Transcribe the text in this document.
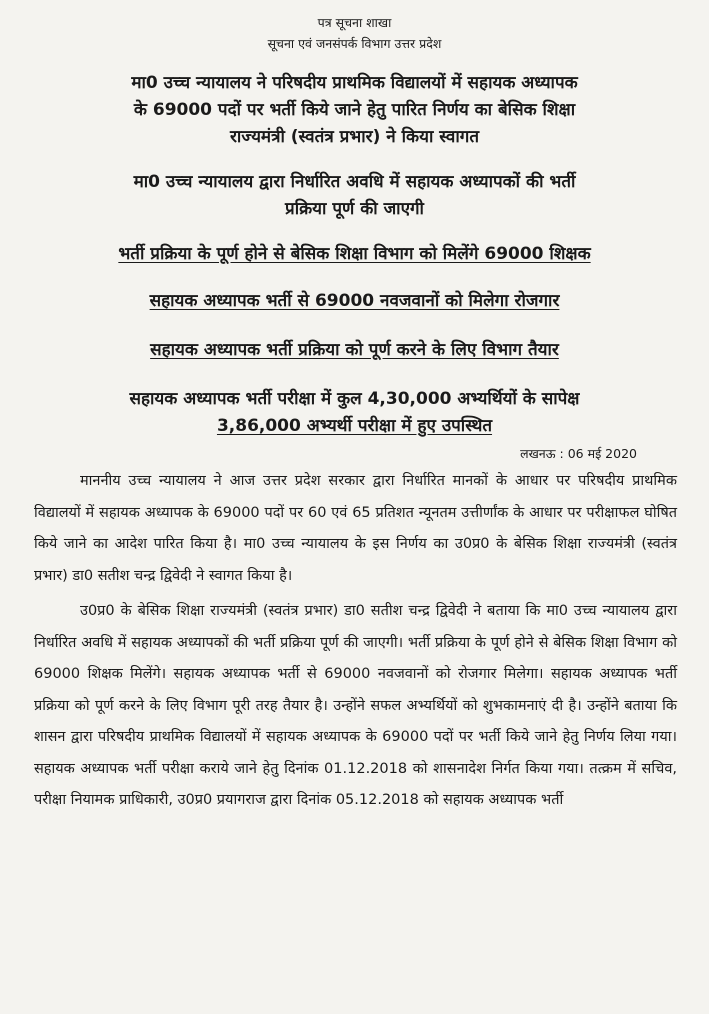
पत्र सूचना शाखा
सूचना एवं जनसंपर्क विभाग उत्तर प्रदेश
मा0 उच्च न्यायालय ने परिषदीय प्राथमिक विद्यालयों में सहायक अध्यापक
के 69000 पदों पर भर्ती किये जाने हेतु पारित निर्णय का बेसिक शिक्षा
राज्यमंत्री (स्वतंत्र प्रभार) ने किया स्वागत
मा0 उच्च न्यायालय द्वारा निर्धारित अवधि में सहायक अध्यापकों की भर्ती
प्रक्रिया पूर्ण की जाएगी
भर्ती प्रक्रिया के पूर्ण होने से बेसिक शिक्षा विभाग को मिलेंगे 69000 शिक्षक
सहायक अध्यापक भर्ती से 69000 नवजवानों को मिलेगा रोजगार
सहायक अध्यापक भर्ती प्रक्रिया को पूर्ण करने के लिए विभाग तैयार
सहायक अध्यापक भर्ती परीक्षा में कुल 4,30,000 अभ्यर्थियों के सापेक्ष
3,86,000 अभ्यर्थी परीक्षा में हुए उपस्थित
लखनऊ : 06 मई 2020

माननीय उच्च न्यायालय ने आज उत्तर प्रदेश सरकार द्वारा निर्धारित मानकों के आधार पर परिषदीय प्राथमिक विद्यालयों में सहायक अध्यापक के 69000 पदों पर 60 एवं 65 प्रतिशत न्यूनतम उत्तीर्णांक के आधार पर परीक्षाफल घोषित किये जाने का आदेश पारित किया है। मा0 उच्च न्यायालय के इस निर्णय का उ0प्र0 के बेसिक शिक्षा राज्यमंत्री (स्वतंत्र प्रभार) डा0 सतीश चन्द्र द्विवेदी ने स्वागत किया है।

उ0प्र0 के बेसिक शिक्षा राज्यमंत्री (स्वतंत्र प्रभार) डा0 सतीश चन्द्र द्विवेदी ने बताया कि मा0 उच्च न्यायालय द्वारा निर्धारित अवधि में सहायक अध्यापकों की भर्ती प्रक्रिया पूर्ण की जाएगी। भर्ती प्रक्रिया के पूर्ण होने से बेसिक शिक्षा विभाग को 69000 शिक्षक मिलेंगे। सहायक अध्यापक भर्ती से 69000 नवजवानों को रोजगार मिलेगा। सहायक अध्यापक भर्ती प्रक्रिया को पूर्ण करने के लिए विभाग पूरी तरह तैयार है। उन्होंने सफल अभ्यर्थियों को शुभकामनाएं दी है। उन्होंने बताया कि शासन द्वारा परिषदीय प्राथमिक विद्यालयों में सहायक अध्यापक के 69000 पदों पर भर्ती किये जाने हेतु निर्णय लिया गया। सहायक अध्यापक भर्ती परीक्षा कराये जाने हेतु दिनांक 01.12.2018 को शासनादेश निर्गत किया गया। तत्क्रम में सचिव, परीक्षा नियामक प्राधिकारी, उ0प्र0 प्रयागराज द्वारा दिनांक 05.12.2018 को सहायक अध्यापक भर्ती
